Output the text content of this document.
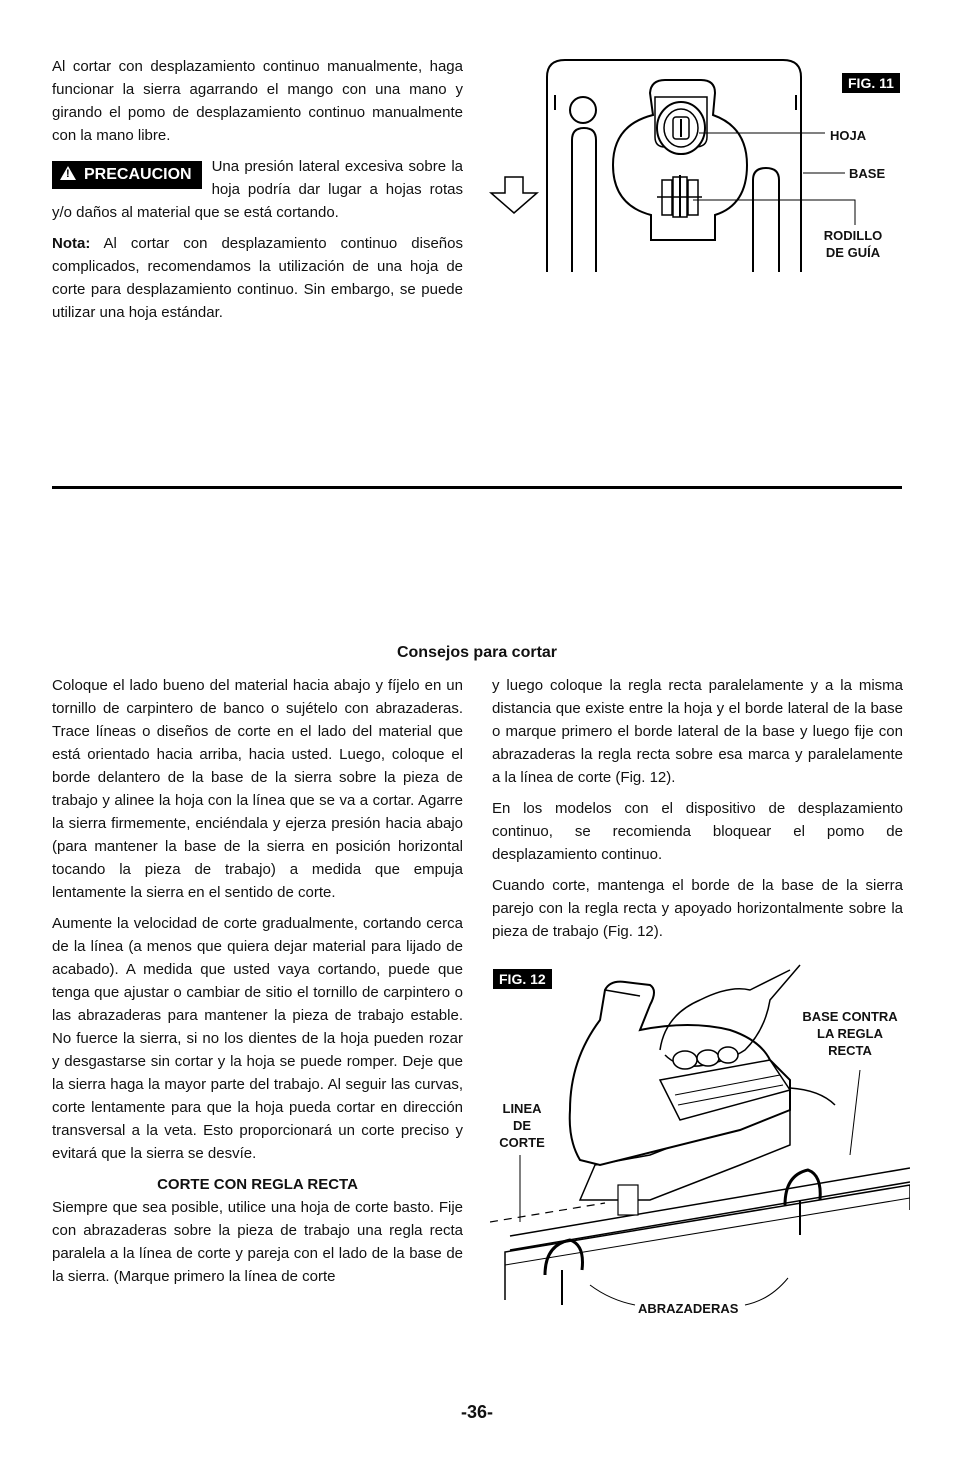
Al cortar con desplazamiento continuo manualmente, haga funcionar la sierra agarrando el mango con una mano y girando el pomo de desplazamiento continuo manualmente con la mano libre.

! PRECAUCION	Una presión lateral excesiva sobre la hoja podría dar lugar a hojas rotas y/o daños al material que se está cortando.

Nota: Al cortar con desplazamiento continuo diseños complicados, recomendamos la utilización de una hoja de corte para desplazamiento continuo. Sin embargo, se puede utilizar una hoja estándar.

FIG. 11
HOJA
BASE
RODILLO
DE GUÍA
Consejos para cortar

Coloque el lado bueno del material hacia abajo y fíjelo en un tornillo de carpintero de banco o sujételo con abrazaderas. Trace líneas o diseños de corte en el lado del material que está orientado hacia arriba, hacia usted. Luego, coloque el borde delantero de la base de la sierra sobre la pieza de trabajo y alinee la hoja con la línea que se va a cortar. Agarre la sierra firmemente, enciéndala y ejerza presión hacia abajo (para mantener la base de la sierra en posición horizontal tocando la pieza de trabajo) a medida que empuja lentamente la sierra en el sentido de corte.

Aumente la velocidad de corte gradualmente, cortando cerca de la línea (a menos que quiera dejar material para lijado de acabado). A medida que usted vaya cortando, puede que tenga que ajustar o cambiar de sitio el tornillo de carpintero o las abrazaderas para mantener la pieza de trabajo estable. No fuerce la sierra, si no los dientes de la hoja pueden rozar y desgastarse sin cortar y la hoja se puede romper. Deje que la sierra haga la mayor parte del trabajo. Al seguir las curvas, corte lentamente para que la hoja pueda cortar en dirección transversal a la veta. Esto proporcionará un corte preciso y evitará que la sierra se desvíe.

CORTE CON REGLA RECTA

Siempre que sea posible, utilice una hoja de corte basto. Fije con abrazaderas sobre la pieza de trabajo una regla recta paralela a la línea de corte y pareja con el lado de la base de la sierra. (Marque primero la línea de corte

y luego coloque la regla recta paralelamente y a la misma distancia que existe entre la hoja y el borde lateral de la base o marque primero el borde lateral de la base y luego fije con abrazaderas la regla recta sobre esa marca y paralelamente a la línea de corte (Fig. 12).

En los modelos con el dispositivo de desplazamiento continuo, se recomienda bloquear el pomo de desplazamiento continuo.

Cuando corte, mantenga el borde de la base de la sierra parejo con la regla recta y apoyado horizontalmente sobre la pieza de trabajo (Fig. 12).

FIG. 12
BASE CONTRA
LA REGLA
RECTA
LINEA
DE
CORTE
ABRAZADERAS
-36-
